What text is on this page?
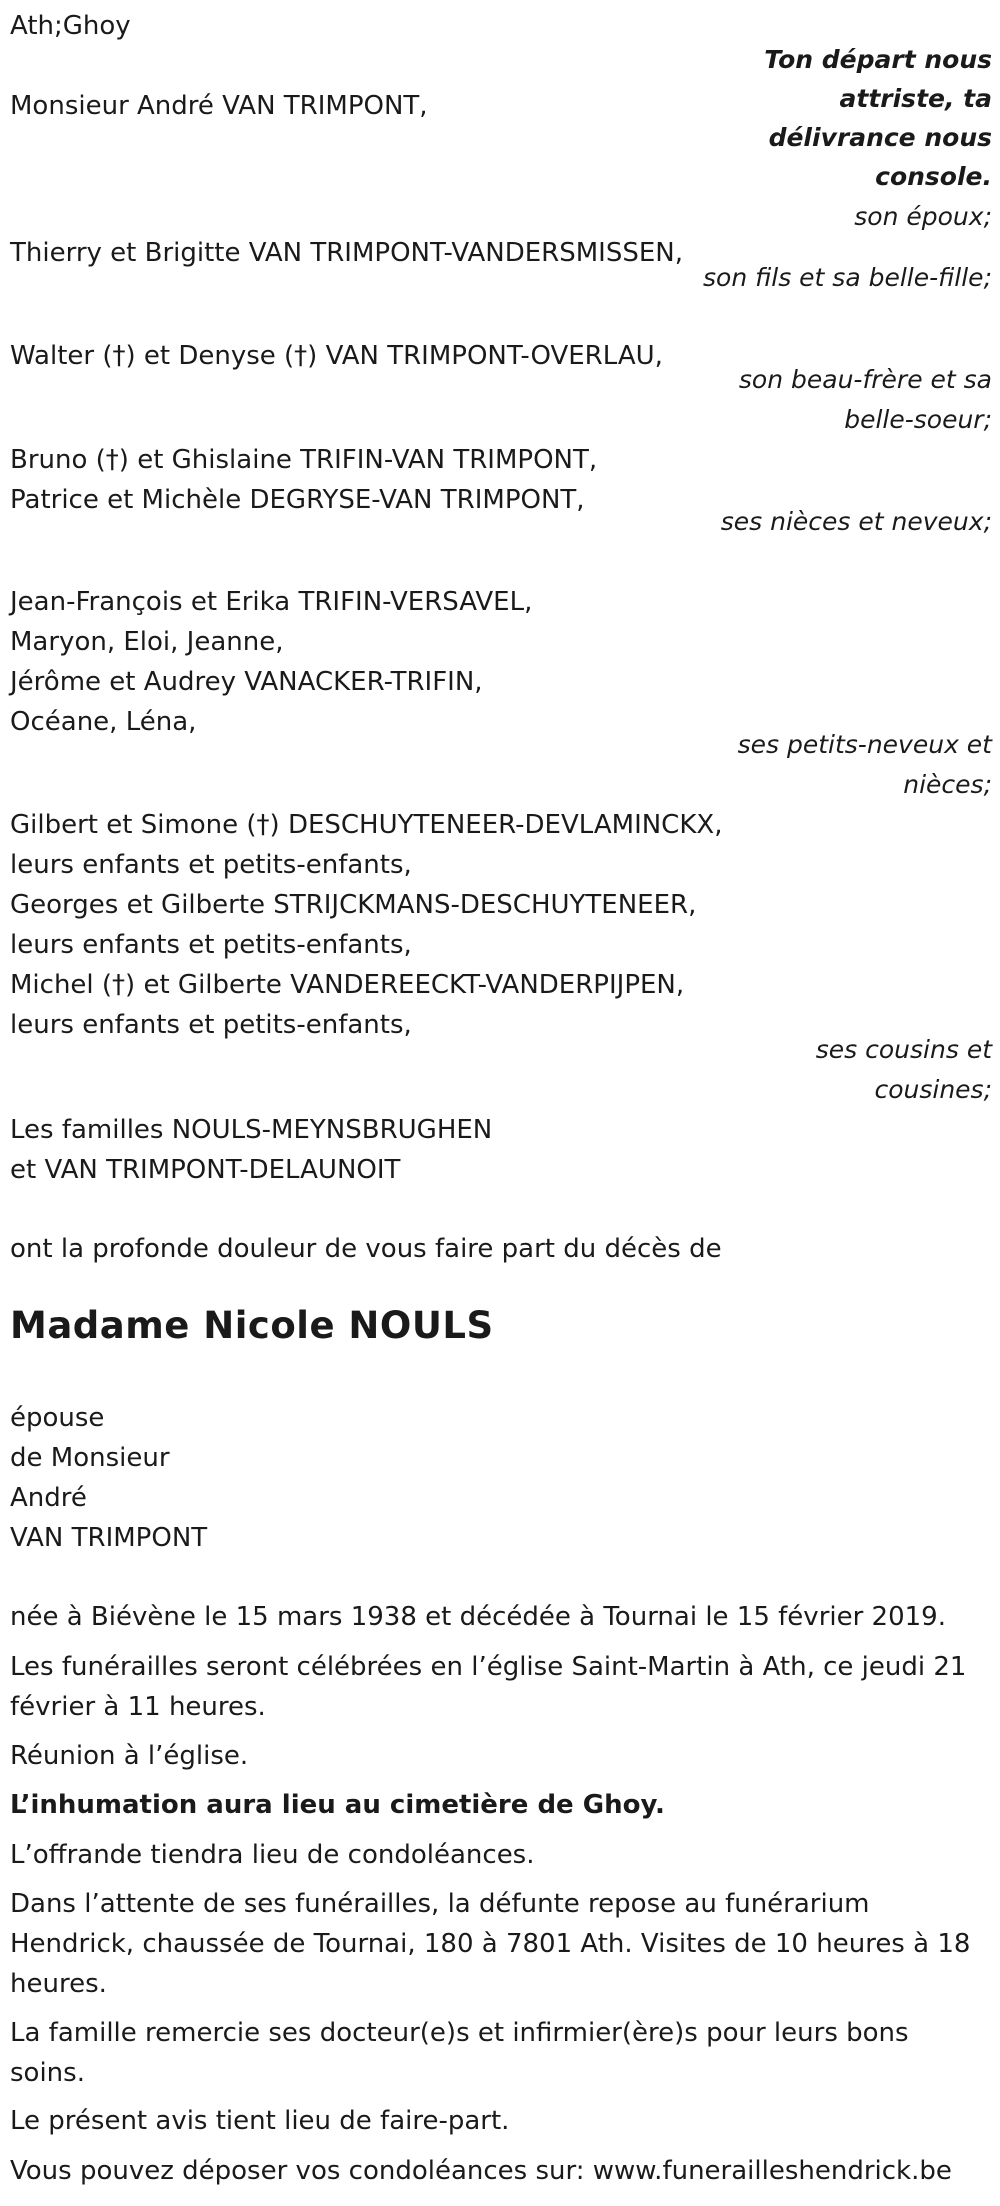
Ath;Ghoy
Ton départ nous attriste, ta délivrance nous console.
Monsieur André VAN TRIMPONT,
son époux;
Thierry et Brigitte VAN TRIMPONT-VANDERSMISSEN,
son fils et sa belle-fille;
Walter (†) et Denyse (†) VAN TRIMPONT-OVERLAU,
son beau-frère et sa belle-soeur;
Bruno (†) et Ghislaine TRIFIN-VAN TRIMPONT,
Patrice et Michèle DEGRYSE-VAN TRIMPONT,
ses nièces et neveux;
Jean-François et Erika TRIFIN-VERSAVEL,
Maryon, Eloi, Jeanne,
Jérôme et Audrey VANACKER-TRIFIN,
Océane, Léna,
ses petits-neveux et nièces;
Gilbert et Simone (†) DESCHUYTENEER-DEVLAMINCKX,
leurs enfants et petits-enfants,
Georges et Gilberte STRIJCKMANS-DESCHUYTENEER,
leurs enfants et petits-enfants,
Michel (†) et Gilberte VANDEREECKT-VANDERPIJPEN,
leurs enfants et petits-enfants,
ses cousins et cousines;
Les familles NOULS-MEYNSBRUGHEN
et VAN TRIMPONT-DELAUNOIT
ont la profonde douleur de vous faire part du décès de
Madame Nicole NOULS
épouse
de Monsieur
André
VAN TRIMPONT
née à Biévène le 15 mars 1938 et décédée à Tournai le 15 février 2019.
Les funérailles seront célébrées en l’église Saint-Martin à Ath, ce jeudi 21 février à 11 heures.
Réunion à l’église.
L’inhumation aura lieu au cimetière de Ghoy.
L’offrande tiendra lieu de condoléances.
Dans l’attente de ses funérailles, la défunte repose au funérarium Hendrick, chaussée de Tournai, 180 à 7801 Ath. Visites de 10 heures à 18 heures.
La famille remercie ses docteur(e)s et infirmier(ère)s pour leurs bons soins.
Le présent avis tient lieu de faire-part.
Vous pouvez déposer vos condoléances sur: www.funerailleshendrick.be
